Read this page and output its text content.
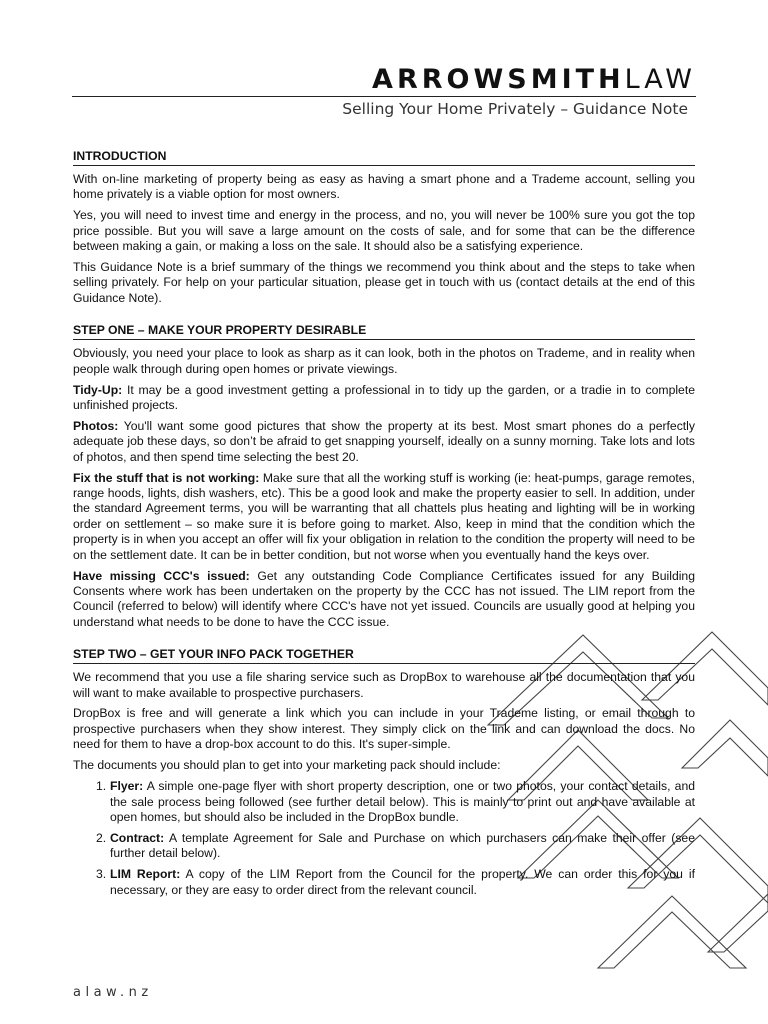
ARROWSMITHLAW
Selling Your Home Privately – Guidance Note
INTRODUCTION

With on-line marketing of property being as easy as having a smart phone and a Trademe account, selling you home privately is a viable option for most owners.

Yes, you will need to invest time and energy in the process, and no, you will never be 100% sure you got the top price possible. But you will save a large amount on the costs of sale, and for some that can be the difference between making a gain, or making a loss on the sale. It should also be a satisfying experience.

This Guidance Note is a brief summary of the things we recommend you think about and the steps to take when selling privately. For help on your particular situation, please get in touch with us (contact details at the end of this Guidance Note).

STEP ONE – MAKE YOUR PROPERTY DESIRABLE

Obviously, you need your place to look as sharp as it can look, both in the photos on Trademe, and in reality when people walk through during open homes or private viewings.

Tidy-Up: It may be a good investment getting a professional in to tidy up the garden, or a tradie in to complete unfinished projects.

Photos: You'll want some good pictures that show the property at its best. Most smart phones do a perfectly adequate job these days, so don’t be afraid to get snapping yourself, ideally on a sunny morning. Take lots and lots of photos, and then spend time selecting the best 20.

Fix the stuff that is not working: Make sure that all the working stuff is working (ie: heat-pumps, garage remotes, range hoods, lights, dish washers, etc). This be a good look and make the property easier to sell. In addition, under the standard Agreement terms, you will be warranting that all chattels plus heating and lighting will be in working order on settlement – so make sure it is before going to market. Also, keep in mind that the condition which the property is in when you accept an offer will fix your obligation in relation to the condition the property will need to be on the settlement date. It can be in better condition, but not worse when you eventually hand the keys over.

Have missing CCC's issued: Get any outstanding Code Compliance Certificates issued for any Building Consents where work has been undertaken on the property by the CCC has not issued. The LIM report from the Council (referred to below) will identify where CCC's have not yet issued. Councils are usually good at helping you understand what needs to be done to have the CCC issue.

STEP TWO – GET YOUR INFO PACK TOGETHER

We recommend that you use a file sharing service such as DropBox to warehouse all the documentation that you will want to make available to prospective purchasers.

DropBox is free and will generate a link which you can include in your Trademe listing, or email through to prospective purchasers when they show interest. They simply click on the link and can download the docs. No need for them to have a drop-box account to do this. It's super-simple.

The documents you should plan to get into your marketing pack should include:

1. Flyer: A simple one-page flyer with short property description, one or two photos, your contact details, and the sale process being followed (see further detail below). This is mainly to print out and have available at open homes, but should also be included in the DropBox bundle.
2. Contract: A template Agreement for Sale and Purchase on which purchasers can make their offer (see further detail below).
3. LIM Report: A copy of the LIM Report from the Council for the property. We can order this for you if necessary, or they are easy to order direct from the relevant council.
alaw.nz
